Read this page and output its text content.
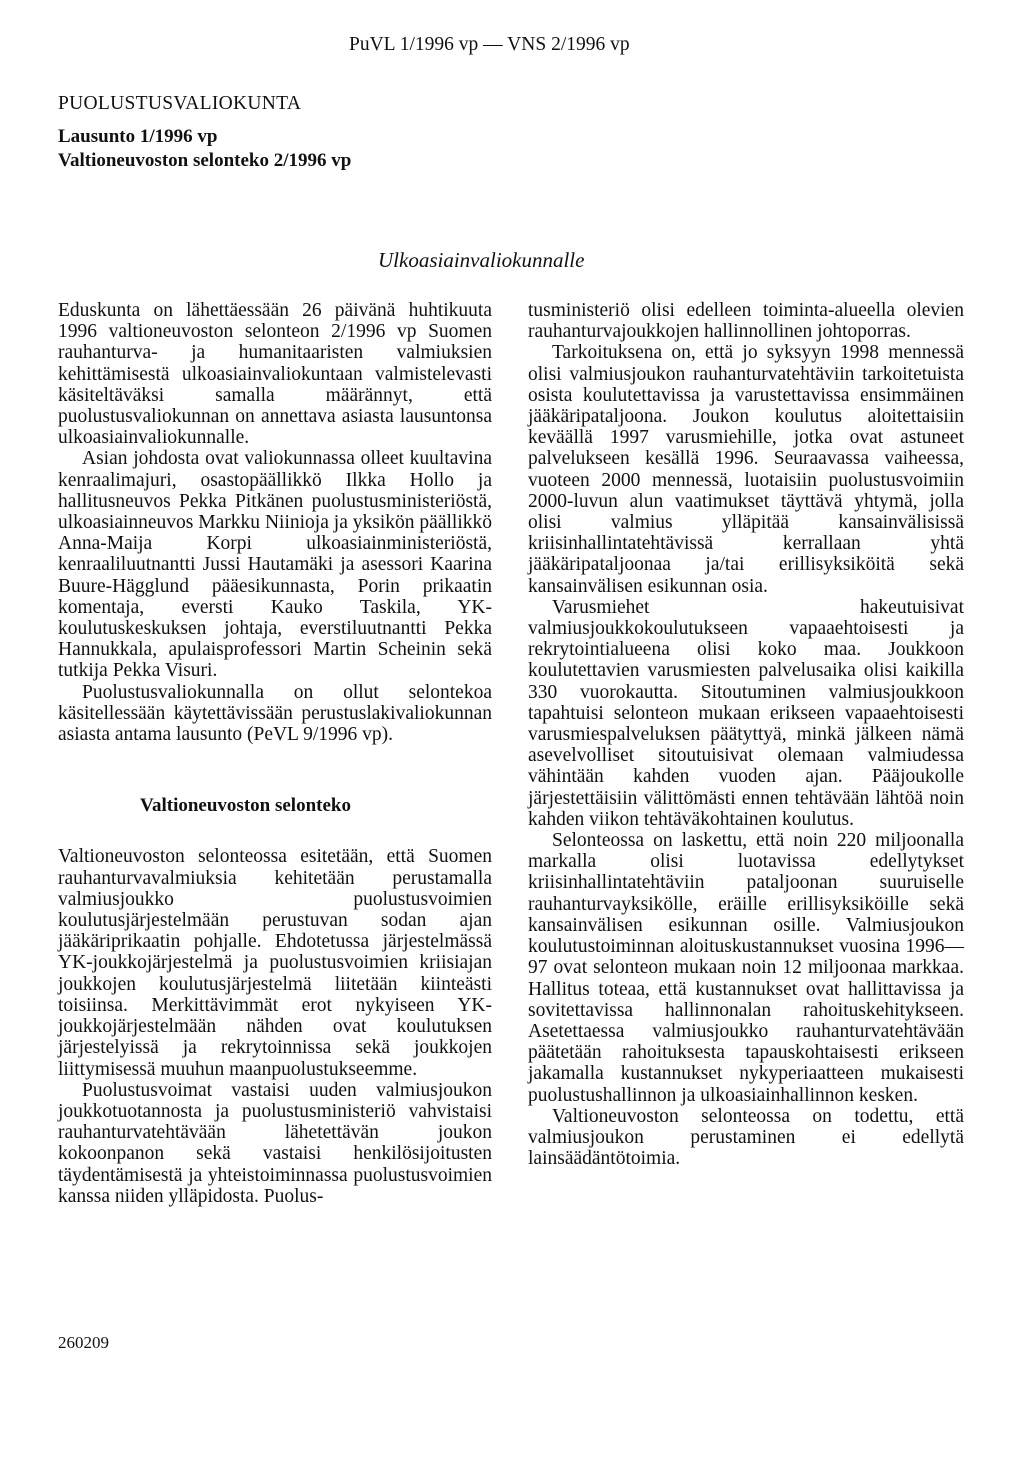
PuVL 1/1996 vp — VNS 2/1996 vp
PUOLUSTUSVALIOKUNTA
Lausunto 1/1996 vp
Valtioneuvoston selonteko 2/1996 vp
Ulkoasiainvaliokunnalle

Eduskunta on lähettäessään 26 päivänä huhtikuuta 1996 valtioneuvoston selonteon 2/1996 vp Suomen rauhanturva- ja humanitaaristen valmiuksien kehittämisestä ulkoasiainvaliokuntaan valmistelevasti käsiteltäväksi samalla määrännyt, että puolustusvaliokunnan on annettava asiasta lausuntonsa ulkoasiainvaliokunnalle.

Asian johdosta ovat valiokunnassa olleet kuultavina kenraalimajuri, osastopäällikkö Ilkka Hollo ja hallitusneuvos Pekka Pitkänen puolustusministeriöstä, ulkoasiainneuvos Markku Niinioja ja yksikön päällikkö Anna-Maija Korpi ulkoasiainministeriöstä, kenraaliluutnantti Jussi Hautamäki ja asessori Kaarina Buure-Hägglund pääesikunnasta, Porin prikaatin komentaja, eversti Kauko Taskila, YK-koulutuskeskuksen johtaja, everstiluutnantti Pekka Hannukkala, apulaisprofessori Martin Scheinin sekä tutkija Pekka Visuri.

Puolustusvaliokunnalla on ollut selontekoa käsitellessään käytettävissään perustuslakivaliokunnan asiasta antama lausunto (PeVL 9/1996 vp).

Valtioneuvoston selonteko

Valtioneuvoston selonteossa esitetään, että Suomen rauhanturvavalmiuksia kehitetään perustamalla valmiusjoukko puolustusvoimien koulutusjärjestelmään perustuvan sodan ajan jääkäriprikaatin pohjalle. Ehdotetussa järjestelmässä YK-joukkojärjestelmä ja puolustusvoimien kriisiajan joukkojen koulutusjärjestelmä liitetään kiinteästi toisiinsa. Merkittävimmät erot nykyiseen YK-joukkojärjestelmään nähden ovat koulutuksen järjestelyissä ja rekrytoinnissa sekä joukkojen liittymisessä muuhun maanpuolustukseemme.

Puolustusvoimat vastaisi uuden valmiusjoukon joukkotuotannosta ja puolustusministeriö vahvistaisi rauhanturvatehtävään lähetettävän joukon kokoonpanon sekä vastaisi henkilösijoitusten täydentämisestä ja yhteistoiminnassa puolustusvoimien kanssa niiden ylläpidosta. Puolus-

tusministeriö olisi edelleen toiminta-alueella olevien rauhanturvajoukkojen hallinnollinen johtoporras.

Tarkoituksena on, että jo syksyyn 1998 mennessä olisi valmiusjoukon rauhanturvatehtäviin tarkoitetuista osista koulutettavissa ja varustettavissa ensimmäinen jääkäripataljoona. Joukon koulutus aloitettaisiin keväällä 1997 varusmiehille, jotka ovat astuneet palvelukseen kesällä 1996. Seuraavassa vaiheessa, vuoteen 2000 mennessä, luotaisiin puolustusvoimiin 2000-luvun alun vaatimukset täyttävä yhtymä, jolla olisi valmius ylläpitää kansainvälisissä kriisinhallintatehtävissä kerrallaan yhtä jääkäripataljoonaa ja/tai erillisyksiköitä sekä kansainvälisen esikunnan osia.

Varusmiehet hakeutuisivat valmiusjoukkokoulutukseen vapaaehtoisesti ja rekrytointialueena olisi koko maa. Joukkoon koulutettavien varusmiesten palvelusaika olisi kaikilla 330 vuorokautta. Sitoutuminen valmiusjoukkoon tapahtuisi selonteon mukaan erikseen vapaaehtoisesti varusmiespalveluksen päätyttyä, minkä jälkeen nämä asevelvolliset sitoutuisivat olemaan valmiudessa vähintään kahden vuoden ajan. Pääjoukolle järjestettäisiin välittömästi ennen tehtävään lähtöä noin kahden viikon tehtäväkohtainen koulutus.

Selonteossa on laskettu, että noin 220 miljoonalla markalla olisi luotavissa edellytykset kriisinhallintatehtäviin pataljoonan suuruiselle rauhanturvayksikölle, eräille erillisyksiköille sekä kansainvälisen esikunnan osille. Valmiusjoukon koulutustoiminnan aloituskustannukset vuosina 1996—97 ovat selonteon mukaan noin 12 miljoonaa markkaa. Hallitus toteaa, että kustannukset ovat hallittavissa ja sovitettavissa hallinnonalan rahoituskehitykseen. Asetettaessa valmiusjoukko rauhanturvatehtävään päätetään rahoituksesta tapauskohtaisesti erikseen jakamalla kustannukset nykyperiaatteen mukaisesti puolustushallinnon ja ulkoasiainhallinnon kesken.

Valtioneuvoston selonteossa on todettu, että valmiusjoukon perustaminen ei edellytä lainsäädäntötoimia.

260209
